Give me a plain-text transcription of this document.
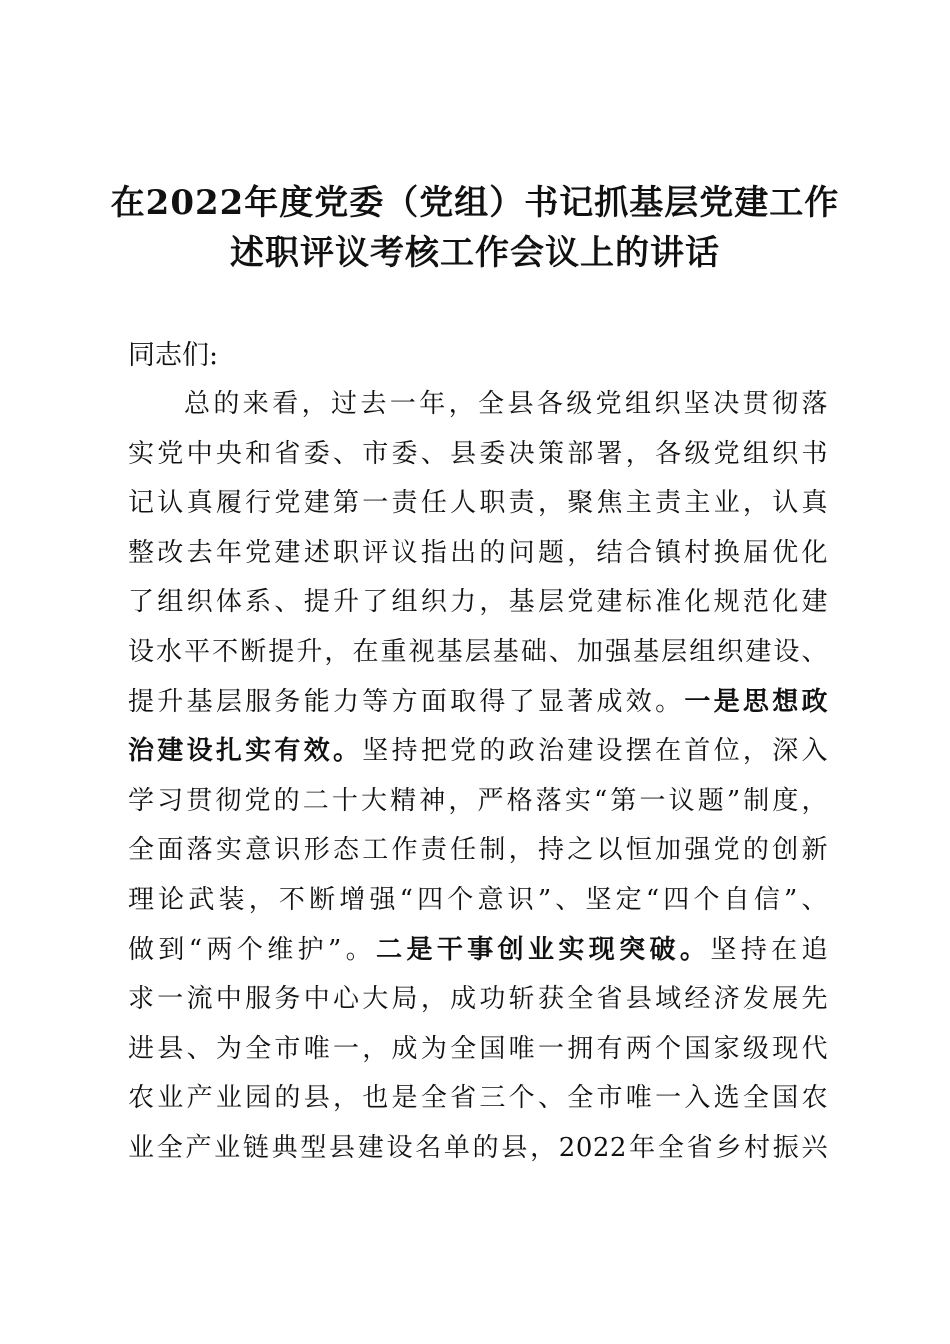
在2022年度党委（党组）书记抓基层党建工作
述职评议考核工作会议上的讲话
同志们:
总的来看，过去一年，全县各级党组织坚决贯彻落
实党中央和省委、市委、县委决策部署，各级党组织书
记认真履行党建第一责任人职责，聚焦主责主业，认真
整改去年党建述职评议指出的问题，结合镇村换届优化
了组织体系、提升了组织力，基层党建标准化规范化建
设水平不断提升，在重视基层基础、加强基层组织建设、
提升基层服务能力等方面取得了显著成效。一是思想政
治建设扎实有效。坚持把党的政治建设摆在首位，深入
学习贯彻党的二十大精神，严格落实“第一议题”制度，
全面落实意识形态工作责任制，持之以恒加强党的创新
理论武装，不断增强“四个意识”、坚定“四个自信”、
做到“两个维护”。二是干事创业实现突破。坚持在追
求一流中服务中心大局，成功斩获全省县域经济发展先
进县、为全市唯一，成为全国唯一拥有两个国家级现代
农业产业园的县，也是全省三个、全市唯一入选全国农
业全产业链典型县建设名单的县，2022年全省乡村振兴
